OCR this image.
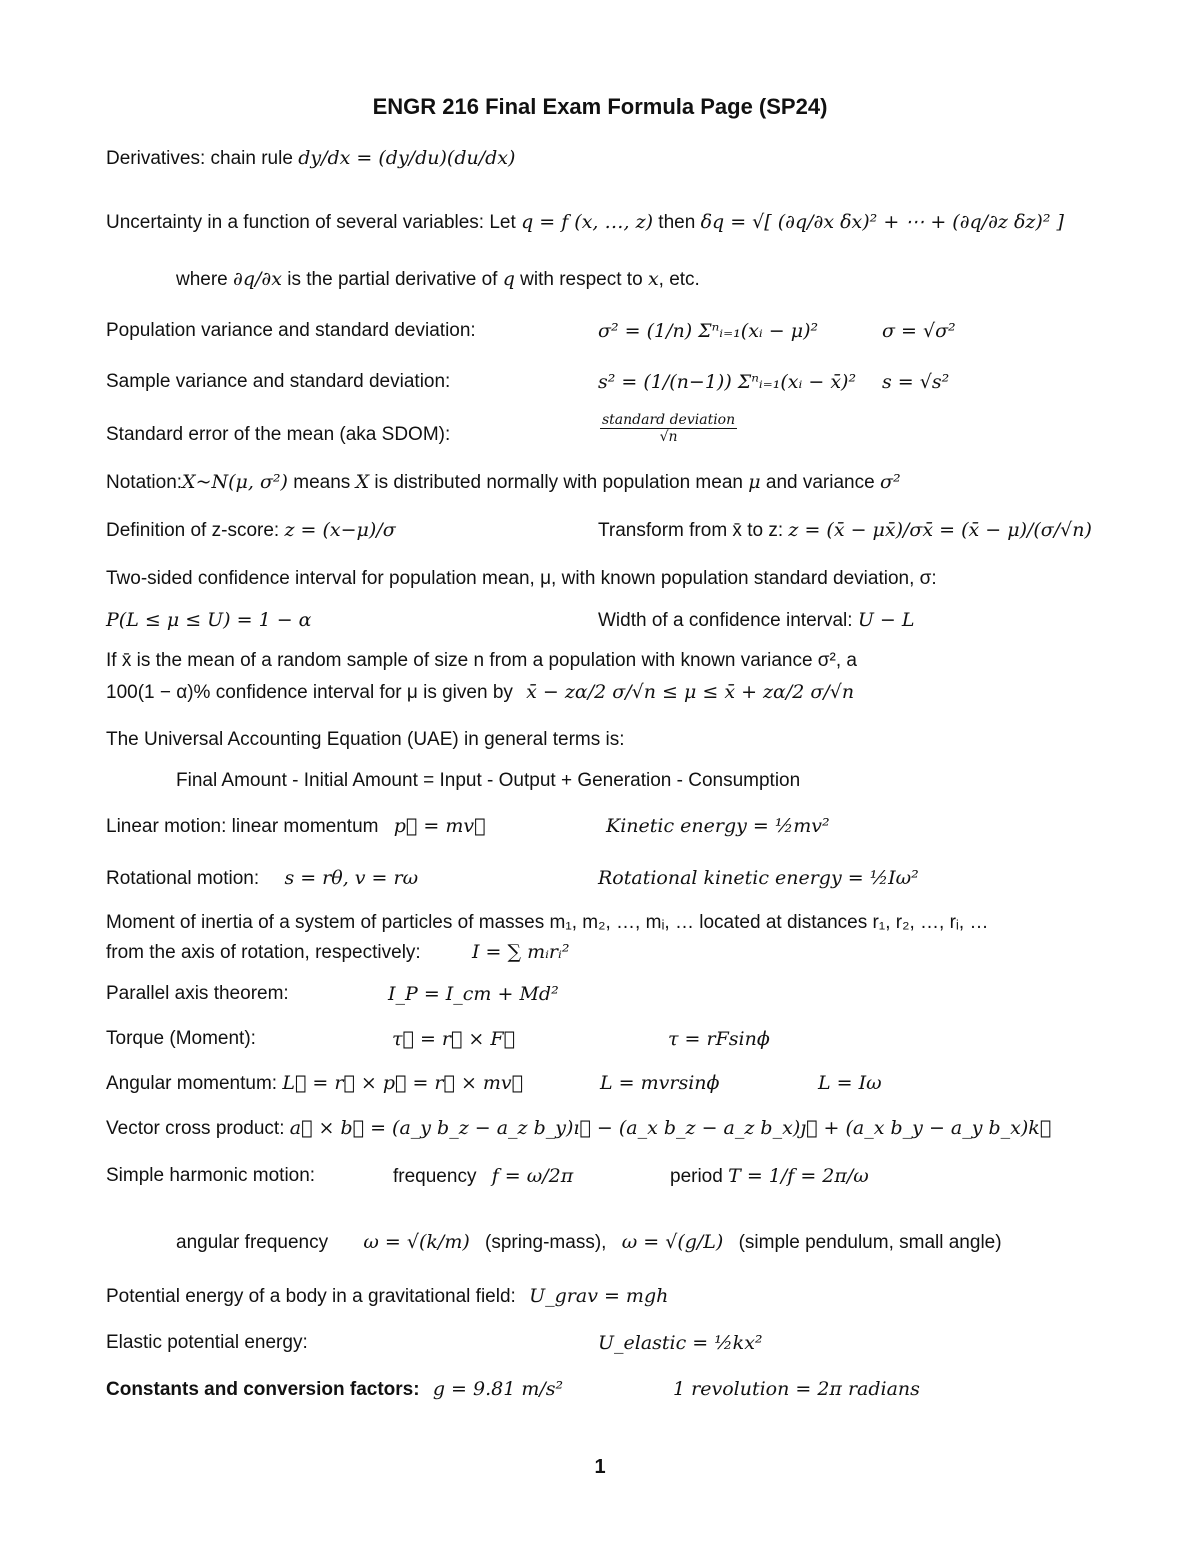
ENGR 216 Final Exam Formula Page (SP24)
Derivatives: chain rule dy/dx = (dy/du)(du/dx)
Uncertainty in a function of several variables: Let q = f (x, …, z) then δq = √[ (∂q/∂x δx)² + ⋯ + (∂q/∂z δz)² ]
where ∂q/∂x is the partial derivative of q with respect to x, etc.
Population variance and standard deviation:	σ² = (1/n) Σⁿᵢ₌₁(xᵢ − μ)²	σ = √σ²
Sample variance and standard deviation:	s² = (1/(n−1)) Σⁿᵢ₌₁(xᵢ − x̄)² s = √s²
Standard error of the mean (aka SDOM):	$\frac{\text{standard deviation}}{√n}$
Notation:X~N(μ, σ²) means X is distributed normally with population mean μ and variance σ²
Definition of z-score: z = (x−μ)/σ	Transform from x̄ to z: z = (x̄ − μx̄)/σx̄ = (x̄ − μ)/(σ/√n)
Two-sided confidence interval for population mean, μ, with known population standard deviation, σ:
P(L ≤ μ ≤ U) = 1 − α	Width of a confidence interval: U − L
If x̄ is the mean of a random sample of size n from a population with known variance σ², a
100(1 − α)% confidence interval for μ is given by x̄ − zα/2 σ/√n ≤ μ ≤ x̄ + zα/2 σ/√n
The Universal Accounting Equation (UAE) in general terms is:
Final Amount - Initial Amount = Input - Output + Generation - Consumption
Linear motion: linear momentum p⃗ = mv⃗	Kinetic energy = ½mv²
Rotational motion: s = rθ, v = rω	Rotational kinetic energy = ½Iω²
Moment of inertia of a system of particles of masses m₁, m₂, …, mᵢ, … located at distances r₁, r₂, …, rᵢ, …
from the axis of rotation, respectively:	I = ∑ mᵢrᵢ²
Parallel axis theorem:	I_P = I_cm + Md²
Torque (Moment):	τ⃗ = r⃗ × F⃗	τ = rFsinϕ
Angular momentum: L⃗ = r⃗ × p⃗ = r⃗ × mv⃗	L = mvrsinϕ	L = Iω
Vector cross product: a⃗ × b⃗ = (a_y b_z − a_z b_y)ı⃗ − (a_x b_z − a_z b_x)ȷ⃗ + (a_x b_y − a_y b_x)k⃗
Simple harmonic motion:	frequency f = ω/2π	period T = 1/f = 2π/ω
angular frequency ω = √(k/m) (spring-mass), ω = √(g/L) (simple pendulum, small angle)
Potential energy of a body in a gravitational field: U_grav = mgh
Elastic potential energy:	U_elastic = ½kx²
Constants and conversion factors: g = 9.81 m/s²	1 revolution = 2π radians
1
